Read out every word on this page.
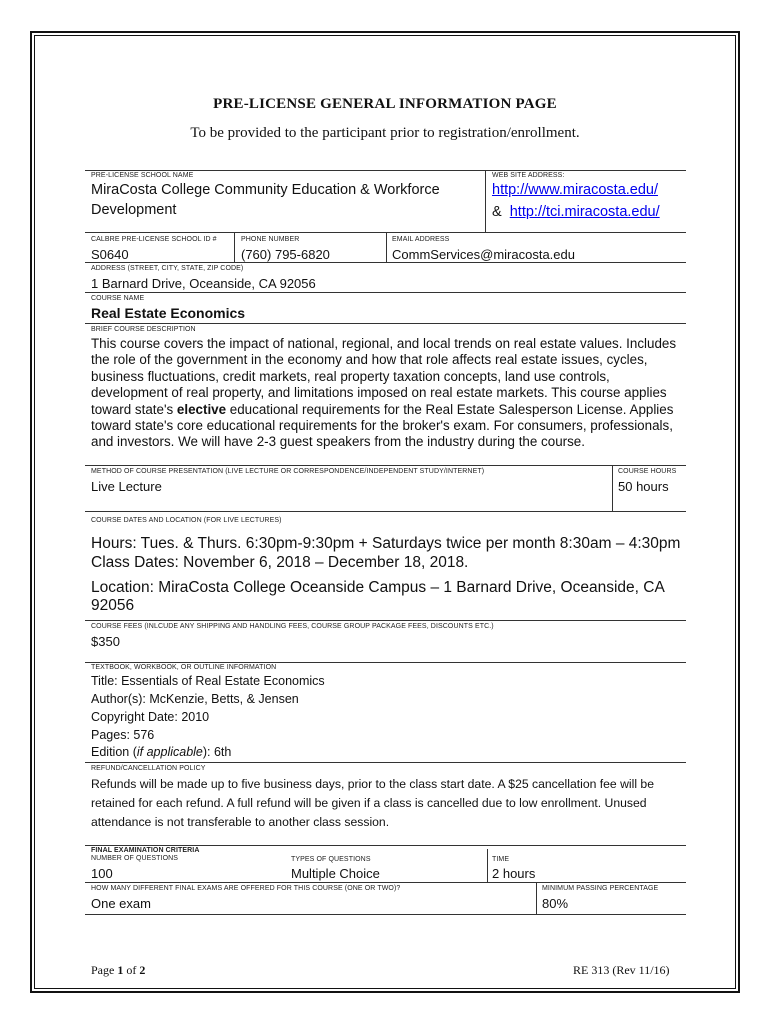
PRE-LICENSE GENERAL INFORMATION PAGE
To be provided to the participant prior to registration/enrollment.
PRE-LICENSE SCHOOL NAME
MiraCosta College Community Education & Workforce
Development
WEB SITE ADDRESS:
http://www.miracosta.edu/
& http://tci.miracosta.edu/
CALBRE PRE-LICENSE SCHOOL ID #
S0640
PHONE NUMBER
(760) 795-6820
EMAIL ADDRESS
CommServices@miracosta.edu
ADDRESS (STREET, CITY, STATE, ZIP CODE)
1 Barnard Drive, Oceanside, CA 92056
COURSE NAME
Real Estate Economics
BRIEF COURSE DESCRIPTION
This course covers the impact of national, regional, and local trends on real estate values. Includes the role of the government in the economy and how that role affects real estate issues, cycles, business fluctuations, credit markets, real property taxation concepts, land use controls, development of real property, and limitations imposed on real estate markets. This course applies toward state's elective educational requirements for the Real Estate Salesperson License. Applies toward state's core educational requirements for the broker's exam. For consumers, professionals, and investors. We will have 2-3 guest speakers from the industry during the course.
METHOD OF COURSE PRESENTATION (LIVE LECTURE OR CORRESPONDENCE/INDEPENDENT STUDY/INTERNET)
Live Lecture
COURSE HOURS
50 hours
COURSE DATES AND LOCATION (FOR LIVE LECTURES)
Hours: Tues. & Thurs. 6:30pm-9:30pm + Saturdays twice per month 8:30am – 4:30pm
Class Dates: November 6, 2018 – December 18, 2018.
Location: MiraCosta College Oceanside Campus – 1 Barnard Drive, Oceanside, CA
92056
COURSE FEES (INLCUDE ANY SHIPPING AND HANDLING FEES, COURSE GROUP PACKAGE FEES, DISCOUNTS ETC.)
$350
TEXTBOOK, WORKBOOK, OR OUTLINE INFORMATION
Title: Essentials of Real Estate Economics
Author(s): McKenzie, Betts, & Jensen
Copyright Date: 2010
Pages: 576
Edition (if applicable): 6th
REFUND/CANCELLATION POLICY
Refunds will be made up to five business days, prior to the class start date. A $25 cancellation fee will be retained for each refund. A full refund will be given if a class is cancelled due to low enrollment. Unused attendance is not transferable to another class session.
FINAL EXAMINATION CRITERIA
NUMBER OF QUESTIONS
100
TYPES OF QUESTIONS
Multiple Choice
TIME
2 hours
HOW MANY DIFFERENT FINAL EXAMS ARE OFFERED FOR THIS COURSE (ONE OR TWO)?
One exam
MINIMUM PASSING PERCENTAGE
80%
Page 1 of 2	RE 313 (Rev 11/16)
